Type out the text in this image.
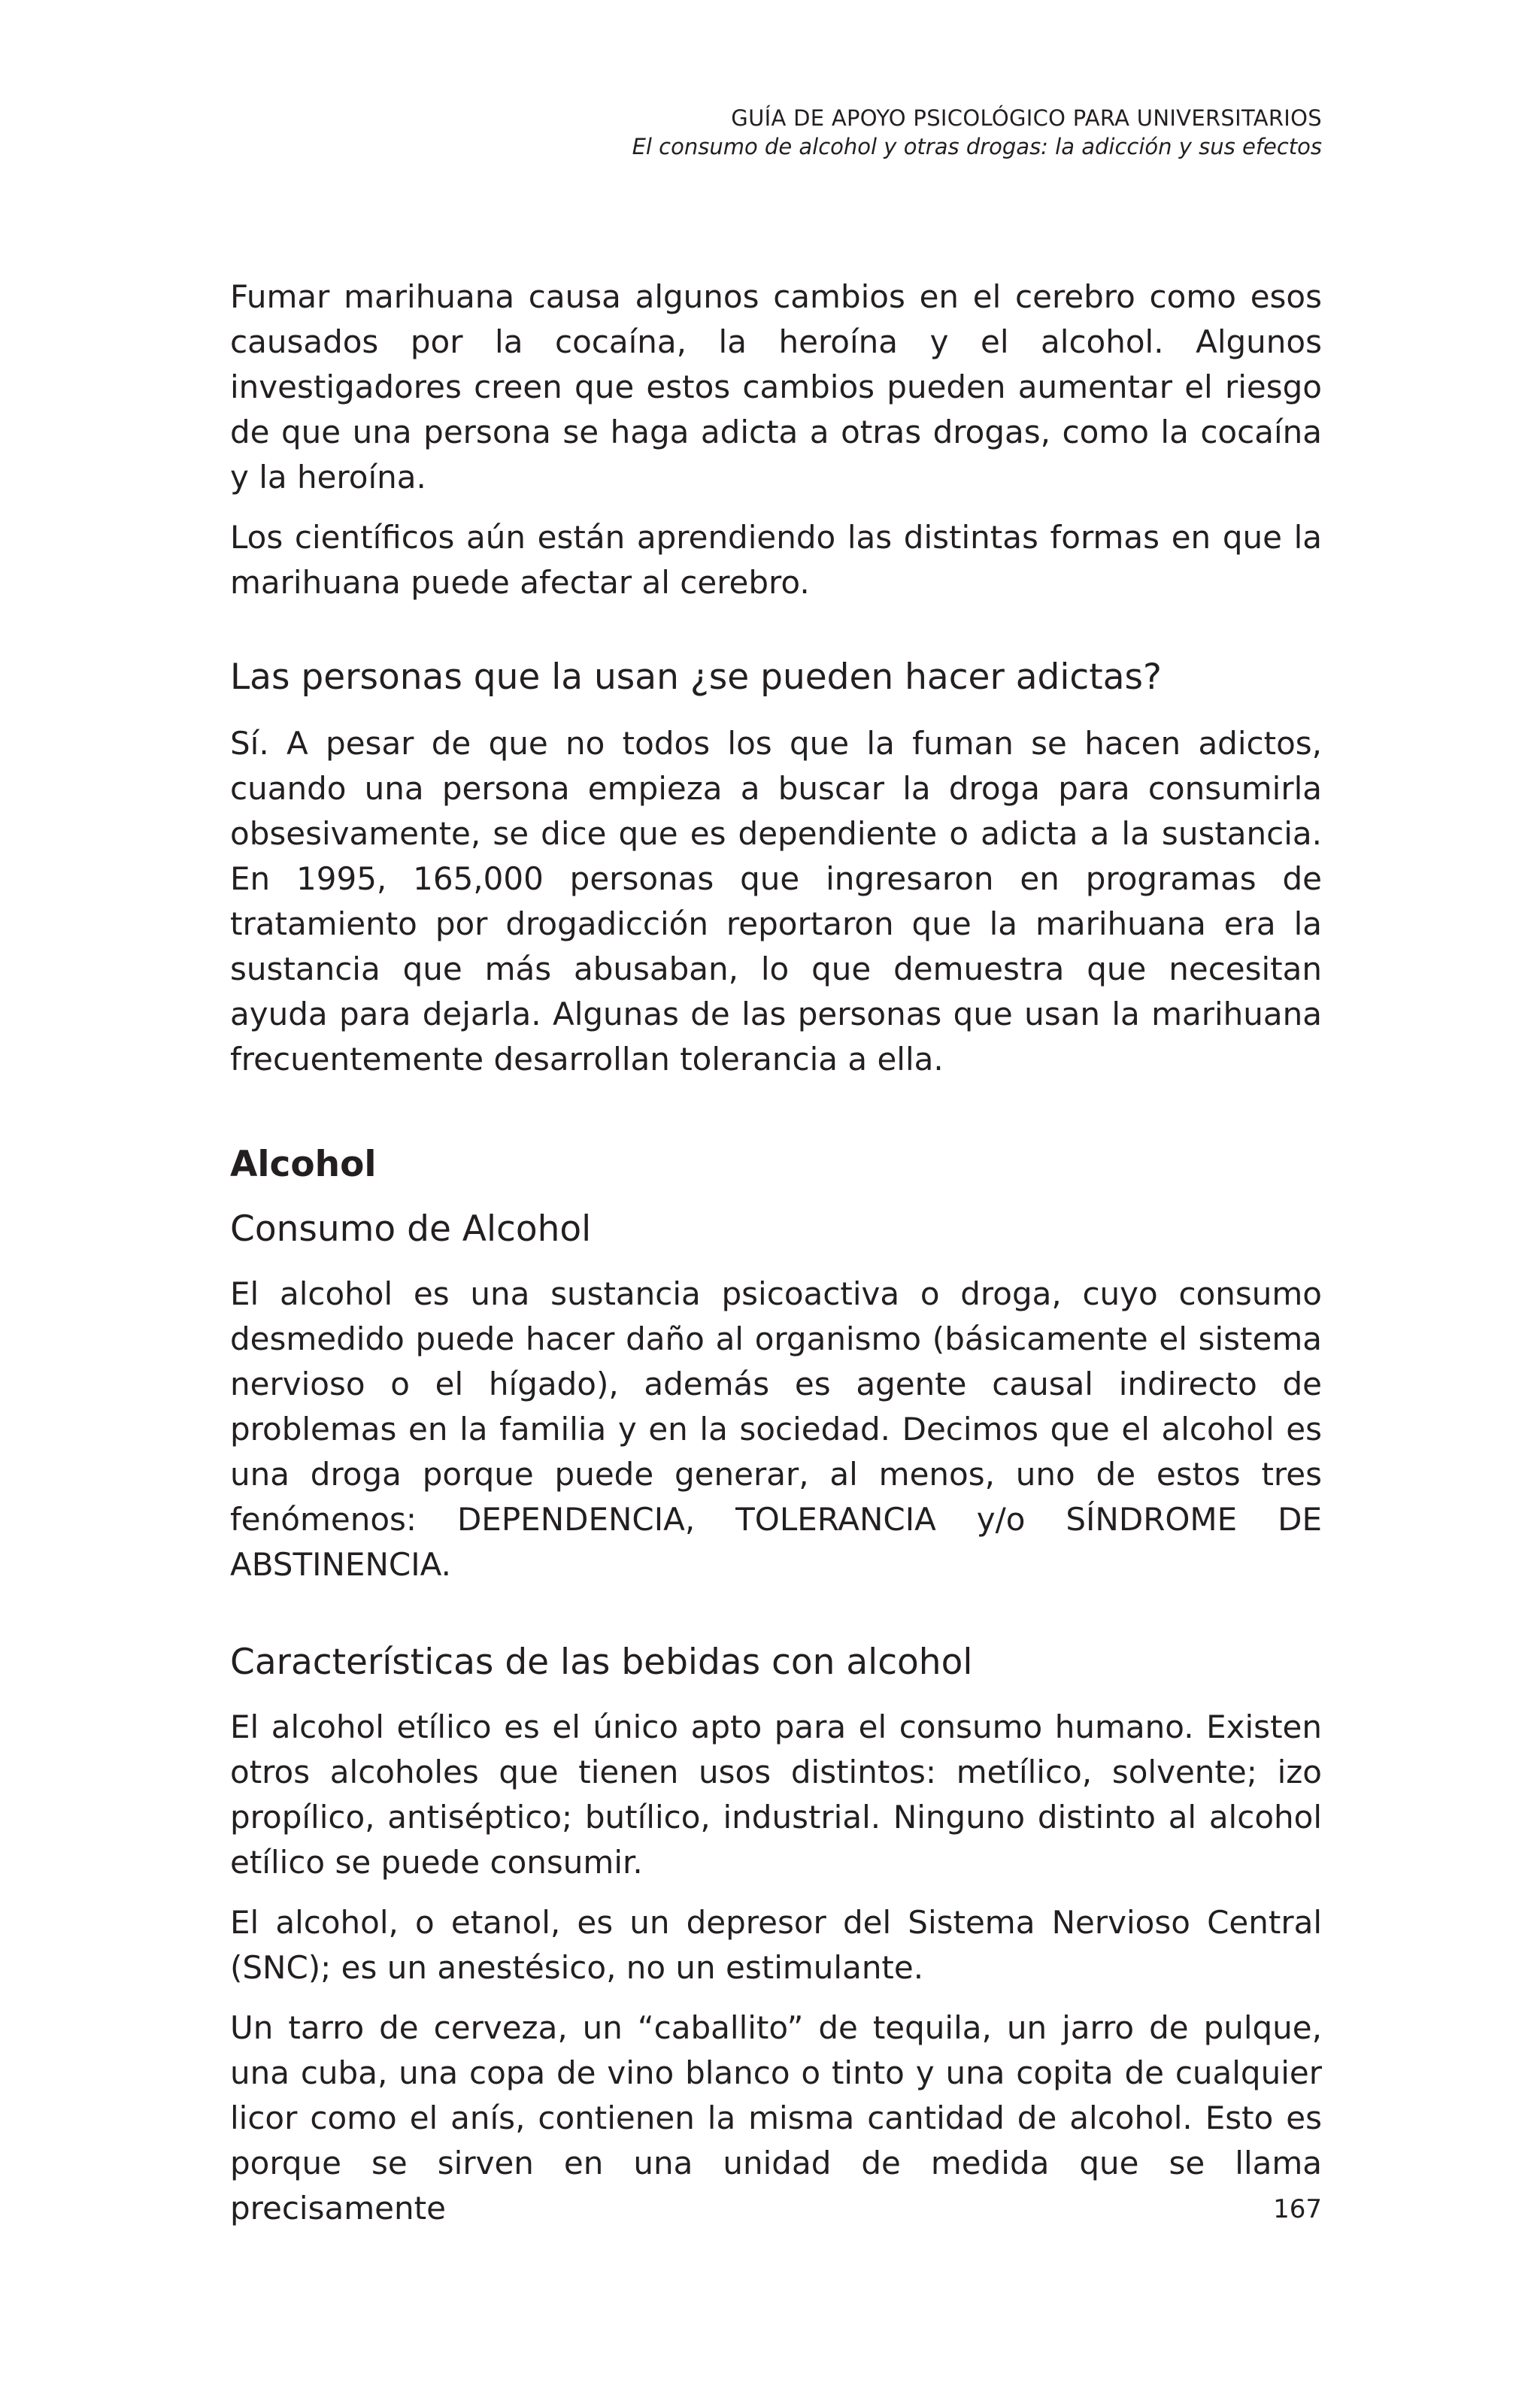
GUÍA DE APOYO PSICOLÓGICO PARA UNIVERSITARIOS
El consumo de alcohol y otras drogas: la adicción y sus efectos

Fumar marihuana causa algunos cambios en el cerebro como esos causados por la cocaína, la heroína y el alcohol. Algunos investigadores creen que estos cambios pueden aumentar el riesgo de que una persona se haga adicta a otras drogas, como la cocaína y la heroína.

Los científicos aún están aprendiendo las distintas formas en que la marihuana puede afectar al cerebro.

Las personas que la usan ¿se pueden hacer adictas?

Sí. A pesar de que no todos los que la fuman se hacen adictos, cuando una persona empieza a buscar la droga para consumirla obsesivamente, se dice que es dependiente o adicta a la sustancia. En 1995, 165,000 personas que ingresaron en programas de tratamiento por drogadicción reportaron que la marihuana era la sustancia que más abusaban, lo que demuestra que necesitan ayuda para dejarla. Algunas de las personas que usan la marihuana frecuentemente desarrollan tolerancia a ella.

Alcohol
Consumo de Alcohol

El alcohol es una sustancia psicoactiva o droga, cuyo consumo desmedido puede hacer daño al organismo (básicamente el sistema nervioso o el hígado), además es agente causal indirecto de problemas en la familia y en la sociedad. Decimos que el alcohol es una droga porque puede generar, al menos, uno de estos tres fenómenos: DEPENDENCIA, TOLERANCIA y/o SÍNDROME DE ABSTINENCIA.

Características de las bebidas con alcohol

El alcohol etílico es el único apto para el consumo humano. Existen otros alcoholes que tienen usos distintos: metílico, solvente; izo propílico, antiséptico; butílico, industrial. Ninguno distinto al alcohol etílico se puede consumir.

El alcohol, o etanol, es un depresor del Sistema Nervioso Central (SNC); es un anestésico, no un estimulante.

Un tarro de cerveza, un “caballito” de tequila, un jarro de pulque, una cuba, una copa de vino blanco o tinto y una copita de cualquier licor como el anís, contienen la misma cantidad de alcohol. Esto es porque se sirven en una unidad de medida que se llama precisamente	167
